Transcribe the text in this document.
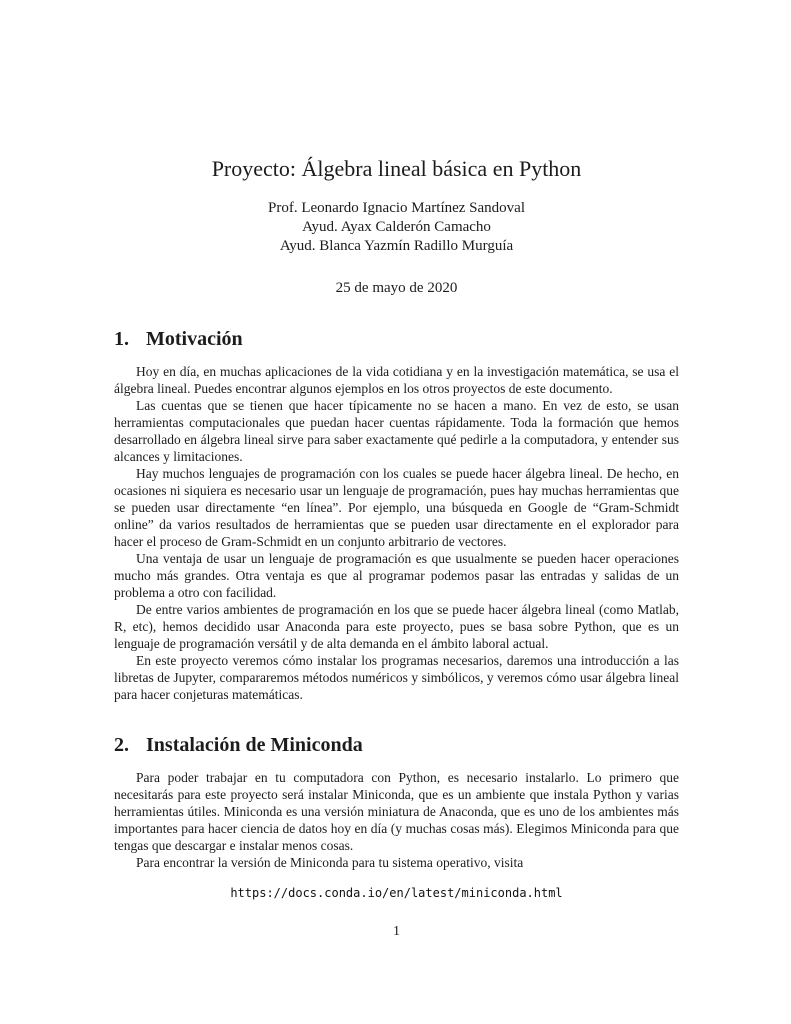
Proyecto: Álgebra lineal básica en Python
Prof. Leonardo Ignacio Martínez Sandoval
Ayud. Ayax Calderón Camacho
Ayud. Blanca Yazmín Radillo Murguía
25 de mayo de 2020
1. Motivación

Hoy en día, en muchas aplicaciones de la vida cotidiana y en la investigación matemática, se usa el álgebra lineal. Puedes encontrar algunos ejemplos en los otros proyectos de este documento.

Las cuentas que se tienen que hacer típicamente no se hacen a mano. En vez de esto, se usan herramientas computacionales que puedan hacer cuentas rápidamente. Toda la formación que hemos desarrollado en álgebra lineal sirve para saber exactamente qué pedirle a la computadora, y entender sus alcances y limitaciones.

Hay muchos lenguajes de programación con los cuales se puede hacer álgebra lineal. De hecho, en ocasiones ni siquiera es necesario usar un lenguaje de programación, pues hay muchas herramientas que se pueden usar directamente “en línea”. Por ejemplo, una búsqueda en Google de “Gram-Schmidt online” da varios resultados de herramientas que se pueden usar directamente en el explorador para hacer el proceso de Gram-Schmidt en un conjunto arbitrario de vectores.

Una ventaja de usar un lenguaje de programación es que usualmente se pueden hacer operaciones mucho más grandes. Otra ventaja es que al programar podemos pasar las entradas y salidas de un problema a otro con facilidad.

De entre varios ambientes de programación en los que se puede hacer álgebra lineal (como Matlab, R, etc), hemos decidido usar Anaconda para este proyecto, pues se basa sobre Python, que es un lenguaje de programación versátil y de alta demanda en el ámbito laboral actual.

En este proyecto veremos cómo instalar los programas necesarios, daremos una introducción a las libretas de Jupyter, compararemos métodos numéricos y simbólicos, y veremos cómo usar álgebra lineal para hacer conjeturas matemáticas.

2. Instalación de Miniconda

Para poder trabajar en tu computadora con Python, es necesario instalarlo. Lo primero que necesitarás para este proyecto será instalar Miniconda, que es un ambiente que instala Python y varias herramientas útiles. Miniconda es una versión miniatura de Anaconda, que es uno de los ambientes más importantes para hacer ciencia de datos hoy en día (y muchas cosas más). Elegimos Miniconda para que tengas que descargar e instalar menos cosas.

Para encontrar la versión de Miniconda para tu sistema operativo, visita

https://docs.conda.io/en/latest/miniconda.html
1
